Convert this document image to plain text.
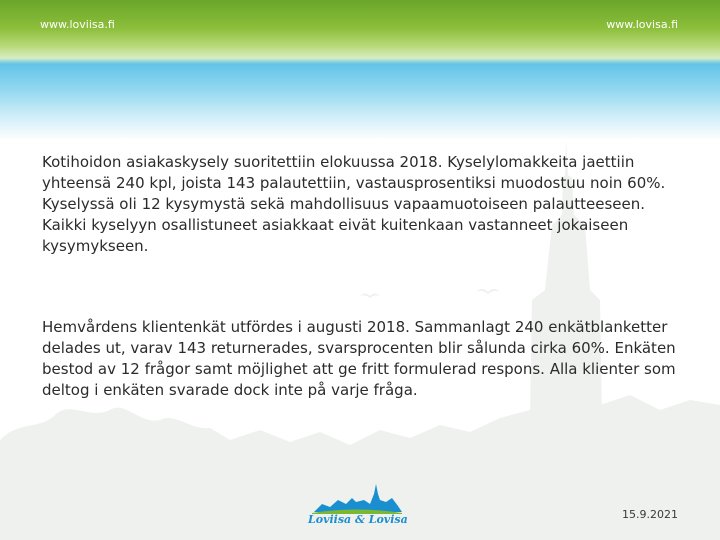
www.loviisa.fi	www.lovisa.fi

Kotihoidon asiakaskysely suoritettiin elokuussa 2018. Kyselylomakkeita jaettiin yhteensä 240 kpl, joista 143 palautettiin, vastausprosentiksi muodostuu noin 60%. Kyselyssä oli 12 kysymystä sekä mahdollisuus vapaamuotoiseen palautteeseen. Kaikki kyselyyn osallistuneet asiakkaat eivät kuitenkaan vastanneet jokaiseen kysymykseen.

Hemvårdens klientenkät utfördes i augusti 2018. Sammanlagt 240 enkätblanketter delades ut, varav 143 returnerades, svarsprocenten blir sålunda cirka 60%. Enkäten bestod av 12 frågor samt möjlighet att ge fritt formulerad respons. Alla klienter som deltog i enkäten svarade dock inte på varje fråga.

Loviisa & Lovisa	15.9.2021
